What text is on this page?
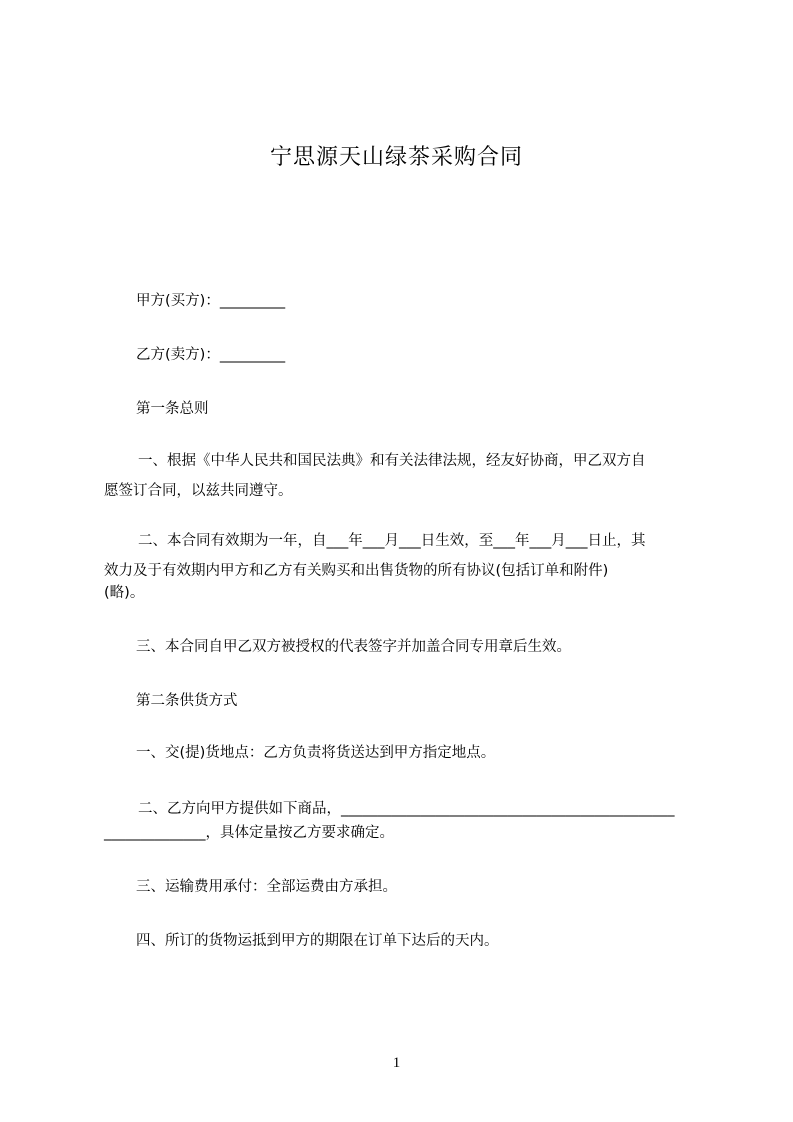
宁思源天山绿茶采购合同
甲方(买方)：_________
乙方(卖方)：_________
第一条总则
一、根据《中华人民共和国民法典》和有关法律法规，经友好协商，甲乙双方自
愿签订合同，以兹共同遵守。
二、本合同有效期为一年，自___年___月___日生效，至___年___月___日止，其
效力及于有效期内甲方和乙方有关购买和出售货物的所有协议(包括订单和附件)
(略)。
三、本合同自甲乙双方被授权的代表签字并加盖合同专用章后生效。
第二条供货方式
一、交(提)货地点：乙方负责将货送达到甲方指定地点。
二、乙方向甲方提供如下商品，______________________________________________
______________，具体定量按乙方要求确定。
三、运输费用承付：全部运费由方承担。
四、所订的货物运抵到甲方的期限在订单下达后的天内。
1
